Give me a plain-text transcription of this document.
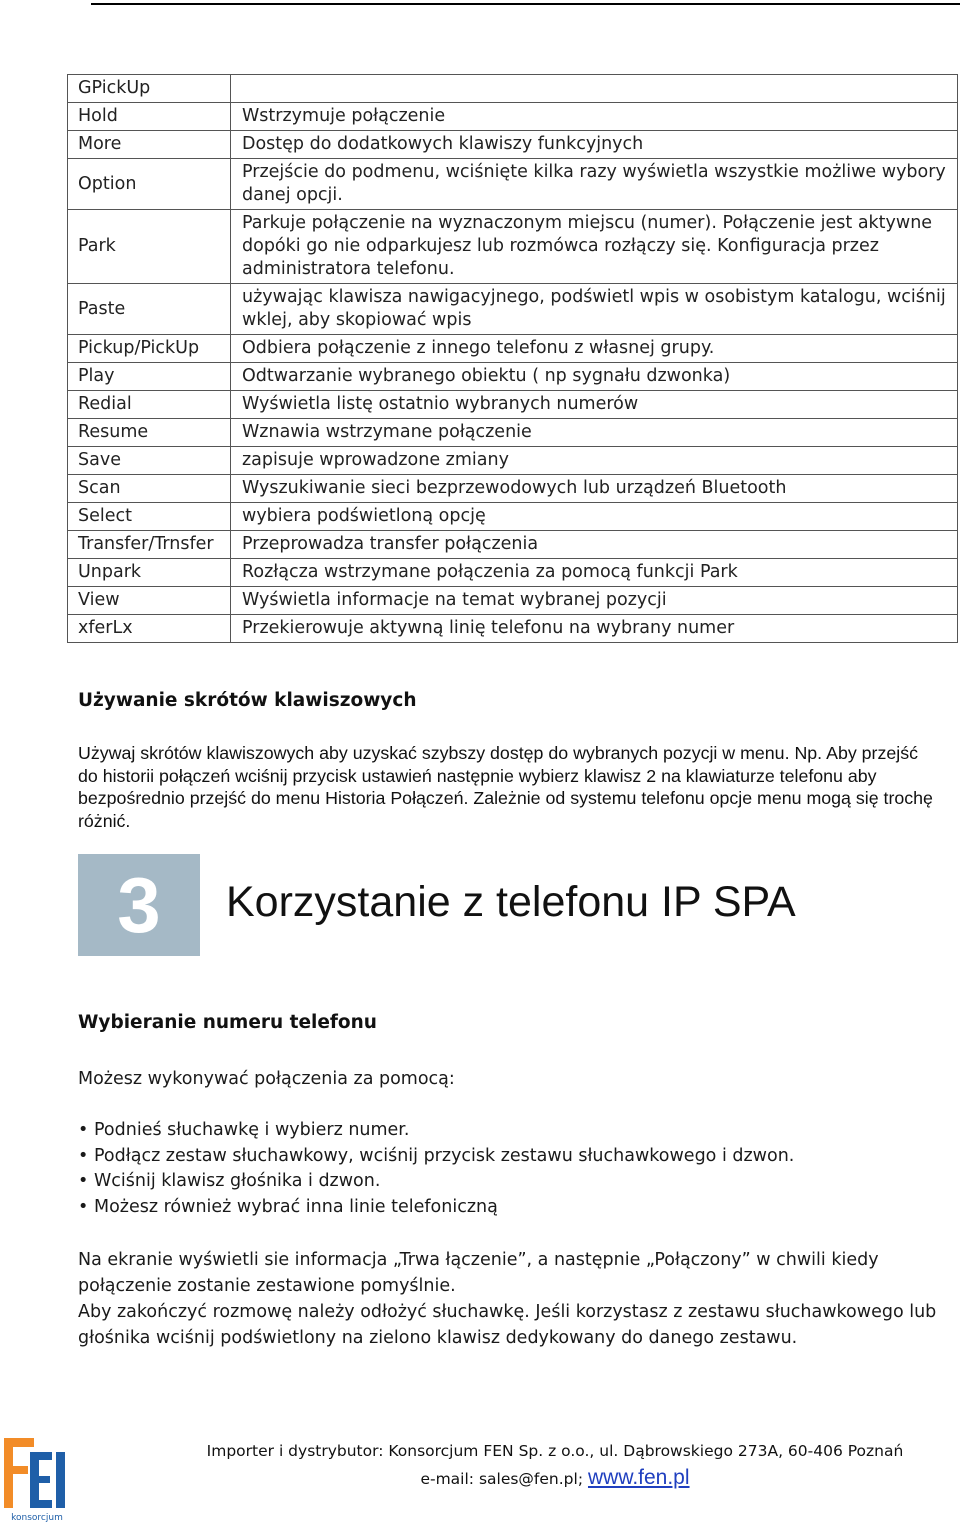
GPickUp	
Hold	Wstrzymuje połączenie
More	Dostęp do dodatkowych klawiszy funkcyjnych
Option	Przejście do podmenu, wciśnięte kilka razy wyświetla wszystkie możliwe wybory danej opcji.
Park	Parkuje połączenie na wyznaczonym miejscu (numer). Połączenie jest aktywne dopóki go nie odparkujesz lub rozmówca rozłączy się. Konfiguracja przez administratora telefonu.
Paste	używając klawisza nawigacyjnego, podświetl wpis w osobistym katalogu, wciśnij wklej, aby skopiować wpis
Pickup/PickUp	Odbiera połączenie z innego telefonu z własnej grupy.
Play	Odtwarzanie wybranego obiektu ( np sygnału dzwonka)
Redial	Wyświetla listę ostatnio wybranych numerów
Resume	Wznawia wstrzymane połączenie
Save	zapisuje wprowadzone zmiany
Scan	Wyszukiwanie sieci bezprzewodowych lub urządzeń Bluetooth
Select	wybiera podświetloną opcję
Transfer/Trnsfer	Przeprowadza transfer połączenia
Unpark	Rozłącza wstrzymane połączenia za pomocą funkcji Park
View	Wyświetla informacje na temat wybranej pozycji
xferLx	Przekierowuje aktywną linię telefonu na wybrany numer
Używanie skrótów klawiszowych
Używaj skrótów klawiszowych aby uzyskać szybszy dostęp do wybranych pozycji w menu. Np. Aby przejść do historii połączeń wciśnij przycisk ustawień następnie wybierz klawisz 2 na klawiaturze telefonu aby bezpośrednio przejść do menu Historia Połączeń. Zależnie od systemu telefonu opcje menu mogą się trochę różnić.
3	Korzystanie z telefonu IP SPA
Wybieranie numeru telefonu
Możesz wykonywać połączenia za pomocą:
• Podnieś słuchawkę i wybierz numer.
• Podłącz zestaw słuchawkowy, wciśnij przycisk zestawu słuchawkowego i dzwon.
• Wciśnij klawisz głośnika i dzwon.
• Możesz również wybrać inna linie telefoniczną
Na ekranie wyświetli sie informacja „Trwa łączenie”, a następnie „Połączony” w chwili kiedy połączenie zostanie zestawione pomyślnie.
Aby zakończyć rozmowę należy odłożyć słuchawkę. Jeśli korzystasz z zestawu słuchawkowego lub głośnika wciśnij podświetlony na zielono klawisz dedykowany do danego zestawu.
konsorcjum
Importer i dystrybutor: Konsorcjum FEN Sp. z o.o., ul. Dąbrowskiego 273A, 60-406 Poznań
e-mail: sales@fen.pl; www.fen.pl
